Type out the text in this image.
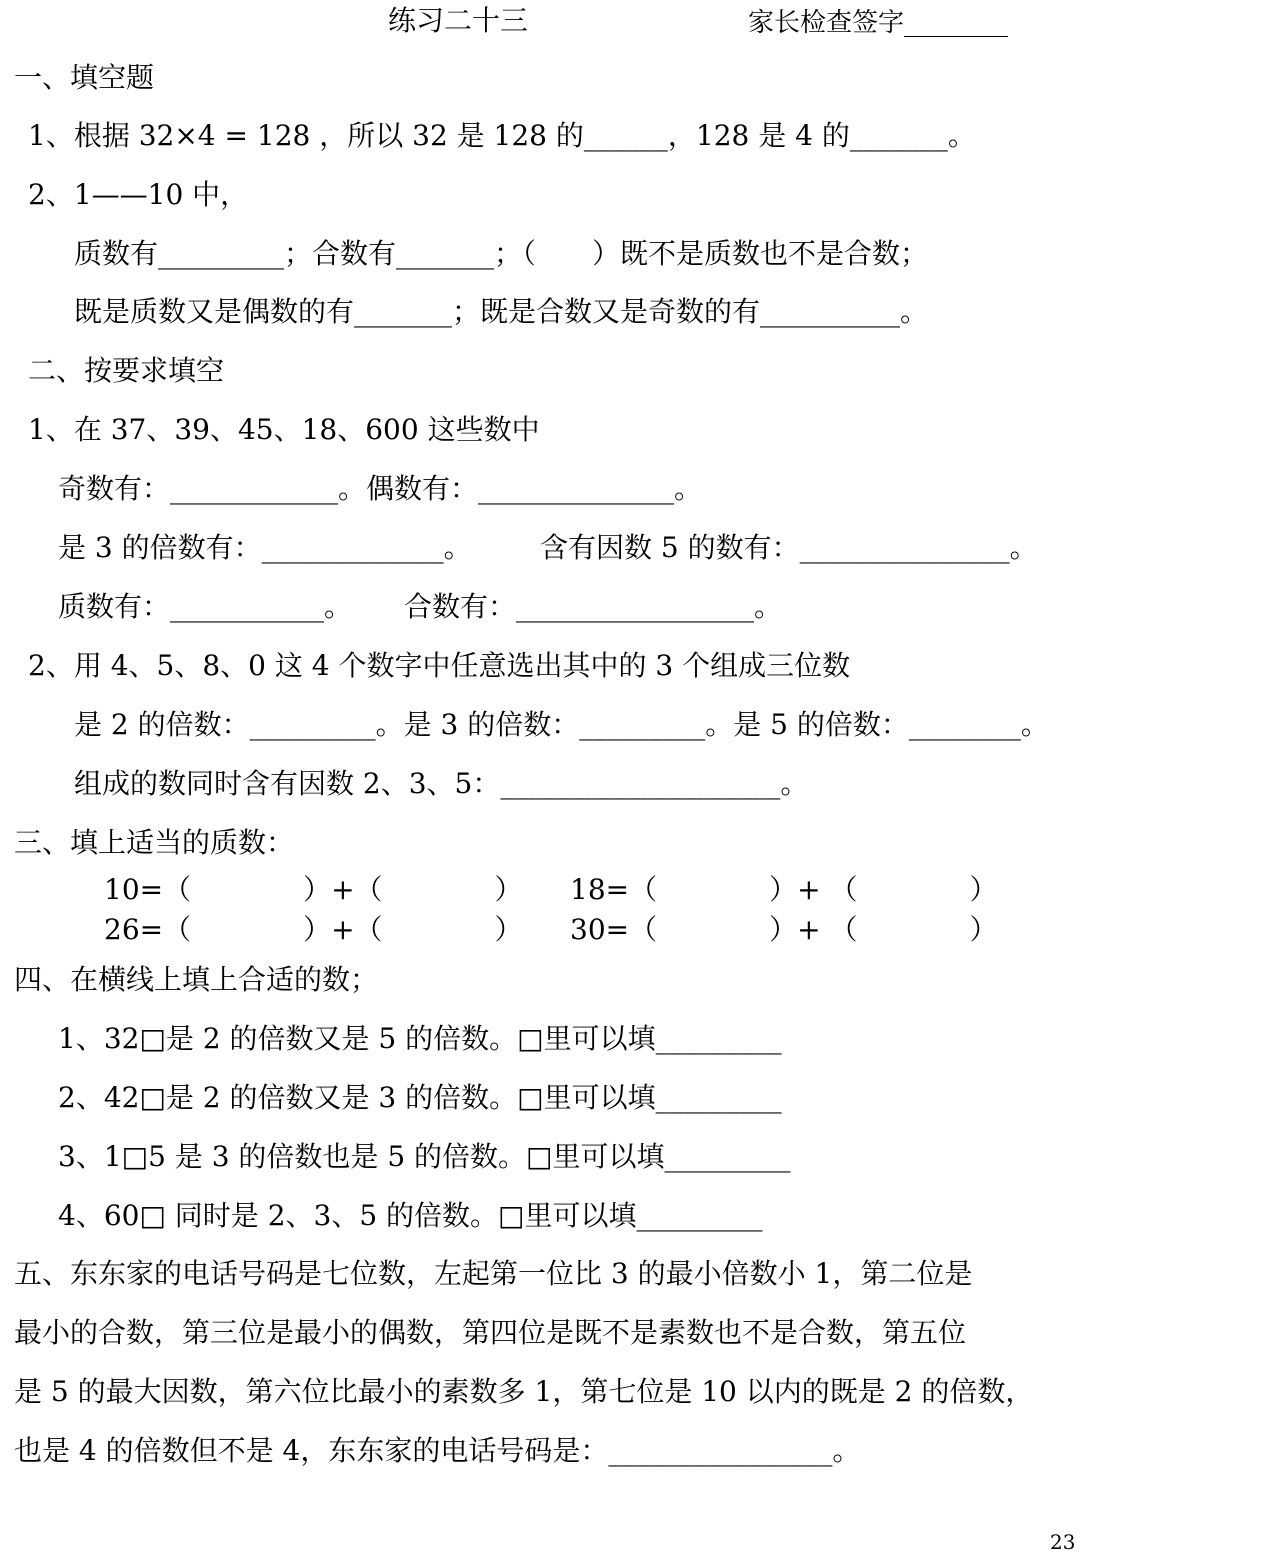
练习二十三	家长检查签字________
一、填空题
1、根据 32×4 = 128 ，所以 32 是 128 的______，128 是 4 的_______。
2、1——10 中，
质数有_________；合数有_______；（　　）既不是质数也不是合数；
既是质数又是偶数的有_______；既是合数又是奇数的有__________。
二、按要求填空
1、在 37、39、45、18、600 这些数中
奇数有：____________。偶数有：______________。
是 3 的倍数有：_____________。 含有因数 5 的数有：_______________。
质数有：___________。 合数有：_________________。
2、用 4、5、8、0 这 4 个数字中任意选出其中的 3 个组成三位数
是 2 的倍数：_________。是 3 的倍数：_________。是 5 的倍数：________。
组成的数同时含有因数 2、3、5：____________________。
三、填上适当的质数：
10=（　　　　）+（　　　　） 18=（　　　　）+ （　　　　）
26=（　　　　）+（　　　　） 30=（　　　　）+ （　　　　）
四、在横线上填上合适的数；
1、32□是 2 的倍数又是 5 的倍数。□里可以填_________
2、42□是 2 的倍数又是 3 的倍数。□里可以填_________
3、1□5 是 3 的倍数也是 5 的倍数。□里可以填_________
4、60□ 同时是 2、3、5 的倍数。□里可以填_________
五、东东家的电话号码是七位数，左起第一位比 3 的最小倍数小 1，第二位是
最小的合数，第三位是最小的偶数，第四位是既不是素数也不是合数，第五位
是 5 的最大因数，第六位比最小的素数多 1，第七位是 10 以内的既是 2 的倍数，
也是 4 的倍数但不是 4，东东家的电话号码是：________________。
23
